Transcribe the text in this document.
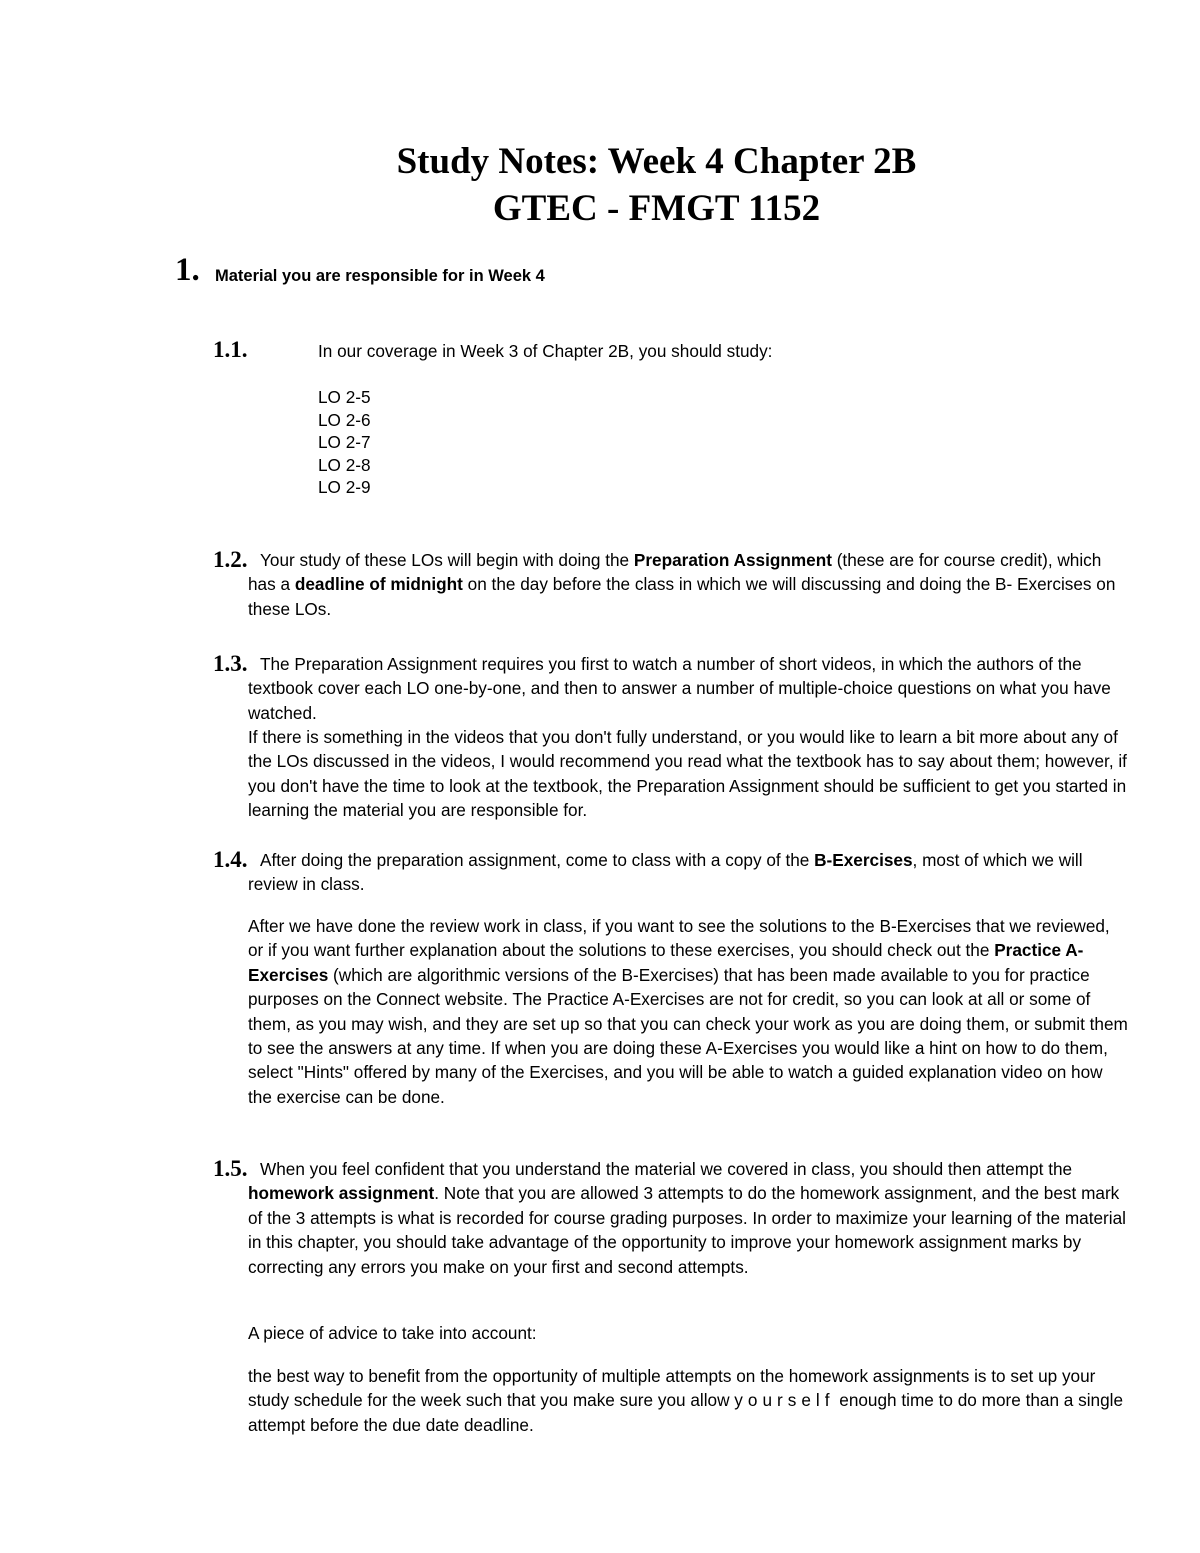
Study Notes: Week 4 Chapter 2B
GTEC - FMGT 1152
1. Material you are responsible for in Week 4
1.1.	In our coverage in Week 3 of Chapter 2B, you should study:
LO 2-5
LO 2-6
LO 2-7
LO 2-8
LO 2-9
1.2. Your study of these LOs will begin with doing the Preparation Assignment (these are for course credit), which has a deadline of midnight on the day before the class in which we will discussing and doing the B- Exercises on these LOs.

1.3. The Preparation Assignment requires you first to watch a number of short videos, in which the authors of the textbook cover each LO one-by-one, and then to answer a number of multiple-choice questions on what you have watched.

If there is something in the videos that you don't fully understand, or you would like to learn a bit more about any of the LOs discussed in the videos, I would recommend you read what the textbook has to say about them; however, if you don't have the time to look at the textbook, the Preparation Assignment should be sufficient to get you started in learning the material you are responsible for.

1.4. After doing the preparation assignment, come to class with a copy of the B-Exercises, most of which we will review in class.

After we have done the review work in class, if you want to see the solutions to the B-Exercises that we reviewed, or if you want further explanation about the solutions to these exercises, you should check out the Practice A-Exercises (which are algorithmic versions of the B-Exercises) that has been made available to you for practice purposes on the Connect website. The Practice A-Exercises are not for credit, so you can look at all or some of them, as you may wish, and they are set up so that you can check your work as you are doing them, or submit them to see the answers at any time. If when you are doing these A-Exercises you would like a hint on how to do them, select "Hints" offered by many of the Exercises, and you will be able to watch a guided explanation video on how the exercise can be done.

1.5. When you feel confident that you understand the material we covered in class, you should then attempt the homework assignment. Note that you are allowed 3 attempts to do the homework assignment, and the best mark of the 3 attempts is what is recorded for course grading purposes. In order to maximize your learning of the material in this chapter, you should take advantage of the opportunity to improve your homework assignment marks by correcting any errors you make on your first and second attempts.

A piece of advice to take into account:

the best way to benefit from the opportunity of multiple attempts on the homework assignments is to set up your study schedule for the week such that you make sure you allow yourself enough time to do more than a single attempt before the due date deadline.
